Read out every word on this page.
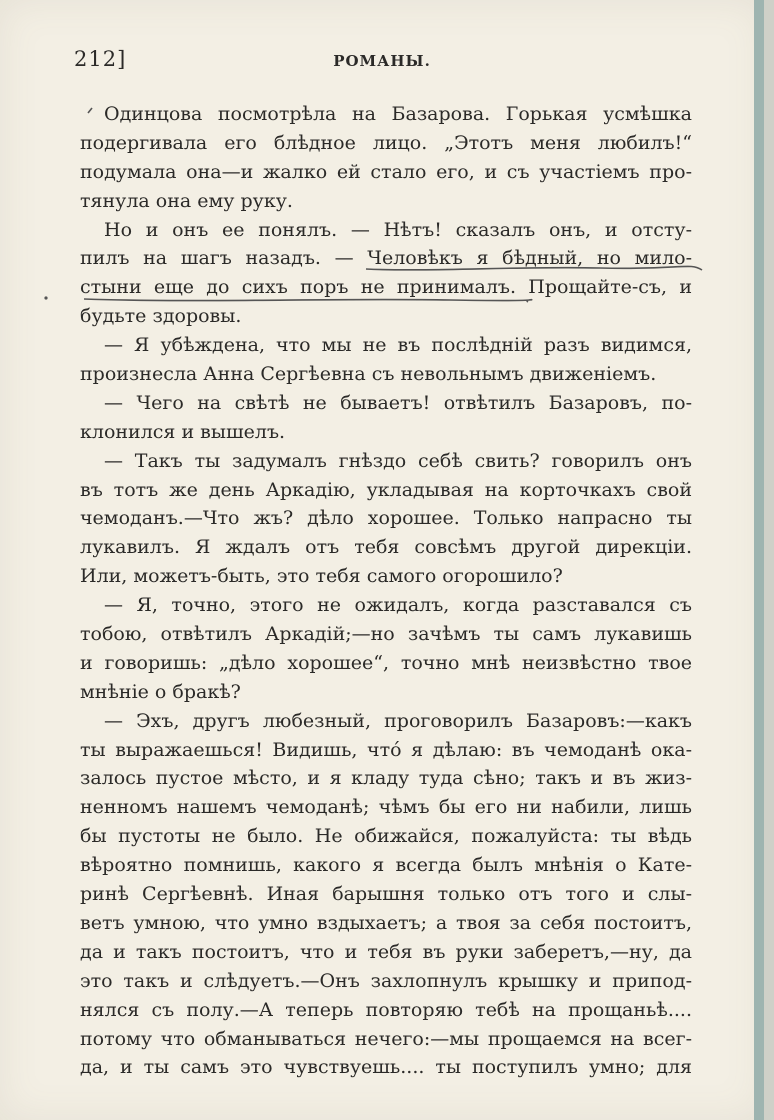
212]	РОМАНЫ.
Одинцова посмотрѣла на Базарова. Горькая усмѣшка
подергивала его блѣдное лицо. „Этотъ меня любилъ!“
подумала она—и жалко ей стало его, и съ участіемъ про-
тянула она ему руку.
Но и онъ ее понялъ. — Нѣтъ! сказалъ онъ, и отсту-
пилъ на шагъ назадъ. — Человѣкъ я бѣдный, но мило-
стыни еще до сихъ поръ не принималъ. Прощайте-съ, и
будьте здоровы.
— Я убѣждена, что мы не въ послѣдній разъ видимся,
произнесла Анна Сергѣевна съ невольнымъ движеніемъ.
— Чего на свѣтѣ не бываетъ! отвѣтилъ Базаровъ, по-
клонился и вышелъ.
— Такъ ты задумалъ гнѣздо себѣ свить? говорилъ онъ
въ тотъ же день Аркадію, укладывая на корточкахъ свой
чемоданъ.—Что жъ? дѣло хорошее. Только напрасно ты
лукавилъ. Я ждалъ отъ тебя совсѣмъ другой дирекціи.
Или, можетъ-быть, это тебя самого огорошило?
— Я, точно, этого не ожидалъ, когда разставался съ
тобою, отвѣтилъ Аркадій;—но зачѣмъ ты самъ лукавишь
и говоришь: „дѣло хорошее“, точно мнѣ неизвѣстно твое
мнѣніе о бракѣ?
— Эхъ, другъ любезный, проговорилъ Базаровъ:—какъ
ты выражаешься! Видишь, что́ я дѣлаю: въ чемоданѣ ока-
залось пустое мѣсто, и я кладу туда сѣно; такъ и въ жиз-
ненномъ нашемъ чемоданѣ; чѣмъ бы его ни набили, лишь
бы пустоты не было. Не обижайся, пожалуйста: ты вѣдь
вѣроятно помнишь, какого я всегда былъ мнѣнія о Кате-
ринѣ Сергѣевнѣ. Иная барышня только отъ того и слы-
ветъ умною, что умно вздыхаетъ; а твоя за себя постоитъ,
да и такъ постоитъ, что и тебя въ руки заберетъ,—ну, да
это такъ и слѣдуетъ.—Онъ захлопнулъ крышку и припод-
нялся съ полу.—А теперь повторяю тебѣ на прощаньѣ....
потому что обманываться нечего:—мы прощаемся на всег-
да, и ты самъ это чувствуешь.... ты поступилъ умно; для
